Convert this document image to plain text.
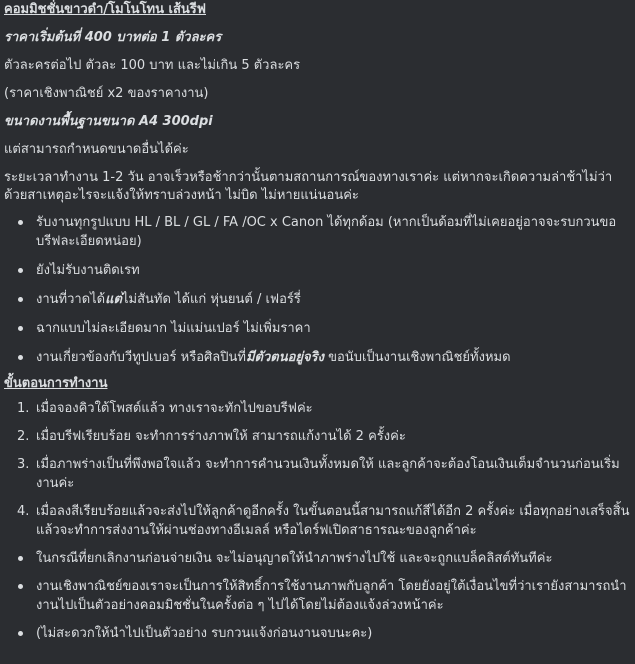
คอมมิชชั่นขาวดำ/โมโนโทน เส้นรีฟ

ราคาเริ่มต้นที่ 400 บาทต่อ 1 ตัวละคร

ตัวละครต่อไป ตัวละ 100 บาท และไม่เกิน 5 ตัวละคร

(ราคาเชิงพาณิชย์ x2 ของราคางาน)

ขนาดงานพื้นฐานขนาด A4 300dpi

แต่สามารถกำหนดขนาดอื่นได้ค่ะ

ระยะเวลาทำงาน 1-2 วัน อาจเร็วหรือช้ากว่านั้นตามสถานการณ์ของทางเราค่ะ แต่หากจะเกิดความล่าช้าไม่ว่าด้วยสาเหตุอะไรจะแจ้งให้ทราบล่วงหน้า ไม่บิด ไม่หายแน่นอนค่ะ

รับงานทุกรูปแบบ HL / BL / GL / FA /OC x Canon ได้ทุกด้อม (หากเป็นด้อมที่ไม่เคยอยู่อาจจะรบกวนขอบรีฟละเอียดหน่อย)
ยังไม่รับงานติดเรท
งานที่วาดได้แต่ไม่สันทัด ได้แก่ หุ่นยนต์ / เฟอร์รี่
ฉากแบบไม่ละเอียดมาก ไม่แม่นเปอร์ ไม่เพิ่มราคา
งานเกี่ยวข้องกับวีทูปเบอร์ หรือศิลปินที่มีตัวตนอยู่จริง ขอนับเป็นงานเชิงพาณิชย์ทั้งหมด

ขั้นตอนการทำงาน

1. เมื่อจองคิวใต้โพสต์แล้ว ทางเราจะทักไปขอบรีฟค่ะ
2. เมื่อบรีฟเรียบร้อย จะทำการร่างภาพให้ สามารถแก้งานได้ 2 ครั้งค่ะ
3. เมื่อภาพร่างเป็นที่พึงพอใจแล้ว จะทำการคำนวนเงินทั้งหมดให้ และลูกค้าจะต้องโอนเงินเต็มจำนวนก่อนเริ่มงานค่ะ
4. เมื่อลงสีเรียบร้อยแล้วจะส่งไปให้ลูกค้าดูอีกครั้ง ในขั้นตอนนี้สามารถแก้สีได้อีก 2 ครั้งค่ะ เมื่อทุกอย่างเสร็จสิ้นแล้วจะทำการส่งงานให้ผ่านช่องทางอีเมลล์ หรือไดร์ฟเปิดสาธารณะของลูกค้าค่ะ
ในกรณีที่ยกเลิกงานก่อนจ่ายเงิน จะไม่อนุญาตให้นำภาพร่างไปใช้ และจะถูกแบล็คลิสต์ทันทีค่ะ
งานเชิงพาณิชย์ของเราจะเป็นการให้สิทธิ์การใช้งานภาพกับลูกค้า โดยยังอยู่ใต้เงื่อนไขที่ว่าเรายังสามารถนำงานไปเป็นตัวอย่างคอมมิชชั่นในครั้งต่อ ๆ ไปได้โดยไม่ต้องแจ้งล่วงหน้าค่ะ
(ไม่สะดวกให้นำไปเป็นตัวอย่าง รบกวนแจ้งก่อนงานจบนะคะ)
